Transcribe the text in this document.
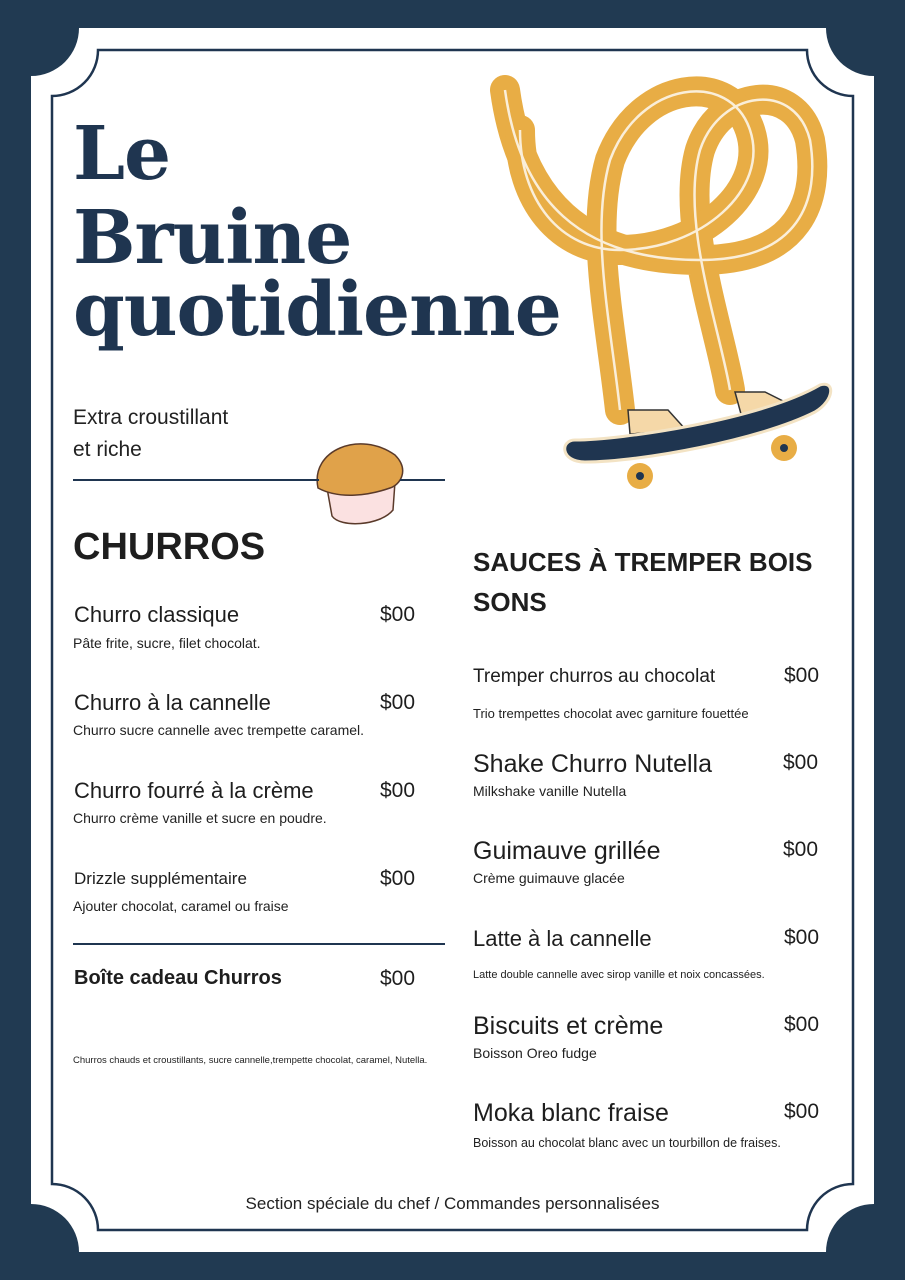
Le
Bruine
quotidienne
Extra croustillant
et riche
CHURROS
Churro classique	$00
Pâte frite, sucre, filet chocolat.
Churro à la cannelle	$00
Churro sucre cannelle avec trempette caramel.
Churro fourré à la crème	$00
Churro crème vanille et sucre en poudre.
Drizzle supplémentaire	$00
Ajouter chocolat, caramel ou fraise
Boîte cadeau Churros	$00
Churros chauds et croustillants, sucre cannelle,trempette chocolat, caramel, Nutella.
SAUCES À TREMPER BOIS SONS
Tremper churros au chocolat	$00
Trio trempettes chocolat avec garniture fouettée
Shake Churro Nutella	$00
Milkshake vanille Nutella
Guimauve grillée	$00
Crème guimauve glacée
Latte à la cannelle	$00
Latte double cannelle avec sirop vanille et noix concassées.
Biscuits et crème	$00
Boisson Oreo fudge
Moka blanc fraise	$00
Boisson au chocolat blanc avec un tourbillon de fraises.
Section spéciale du chef / Commandes personnalisées
